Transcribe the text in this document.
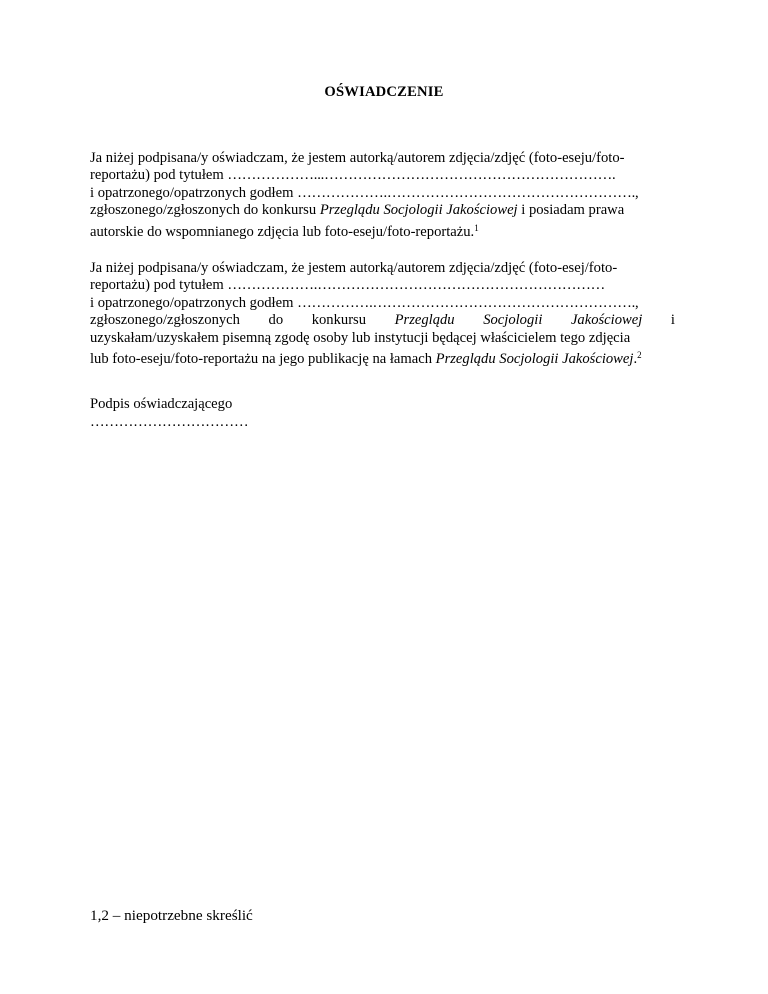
OŚWIADCZENIE
Ja niżej podpisana/y oświadczam, że jestem autorką/autorem zdjęcia/zdjęć (foto-eseju/foto-
reportażu) pod tytułem ………………...…………………………………………………….
i opatrzonego/opatrzonych godłem ……………….…………………………………………….,
zgłoszonego/zgłoszonych do konkursu Przeglądu Socjologii Jakościowej i posiadam prawa
autorskie do wspomnianego zdjęcia lub foto-eseju/foto-reportażu.$^1$
Ja niżej podpisana/y oświadczam, że jestem autorką/autorem zdjęcia/zdjęć (foto-esej/foto-
reportażu) pod tytułem ……………….……………………………………………………
i opatrzonego/opatrzonych godłem …………….……………………………………………….,
zgłoszonego/zgłoszonych do konkursu Przeglądu Socjologii Jakościowej i
uzyskałam/uzyskałem pisemną zgodę osoby lub instytucji będącej właścicielem tego zdjęcia
lub foto-eseju/foto-reportażu na jego publikację na łamach Przeglądu Socjologii Jakościowej.$^2$
Podpis oświadczającego
……………………………
1,2 – niepotrzebne skreślić
